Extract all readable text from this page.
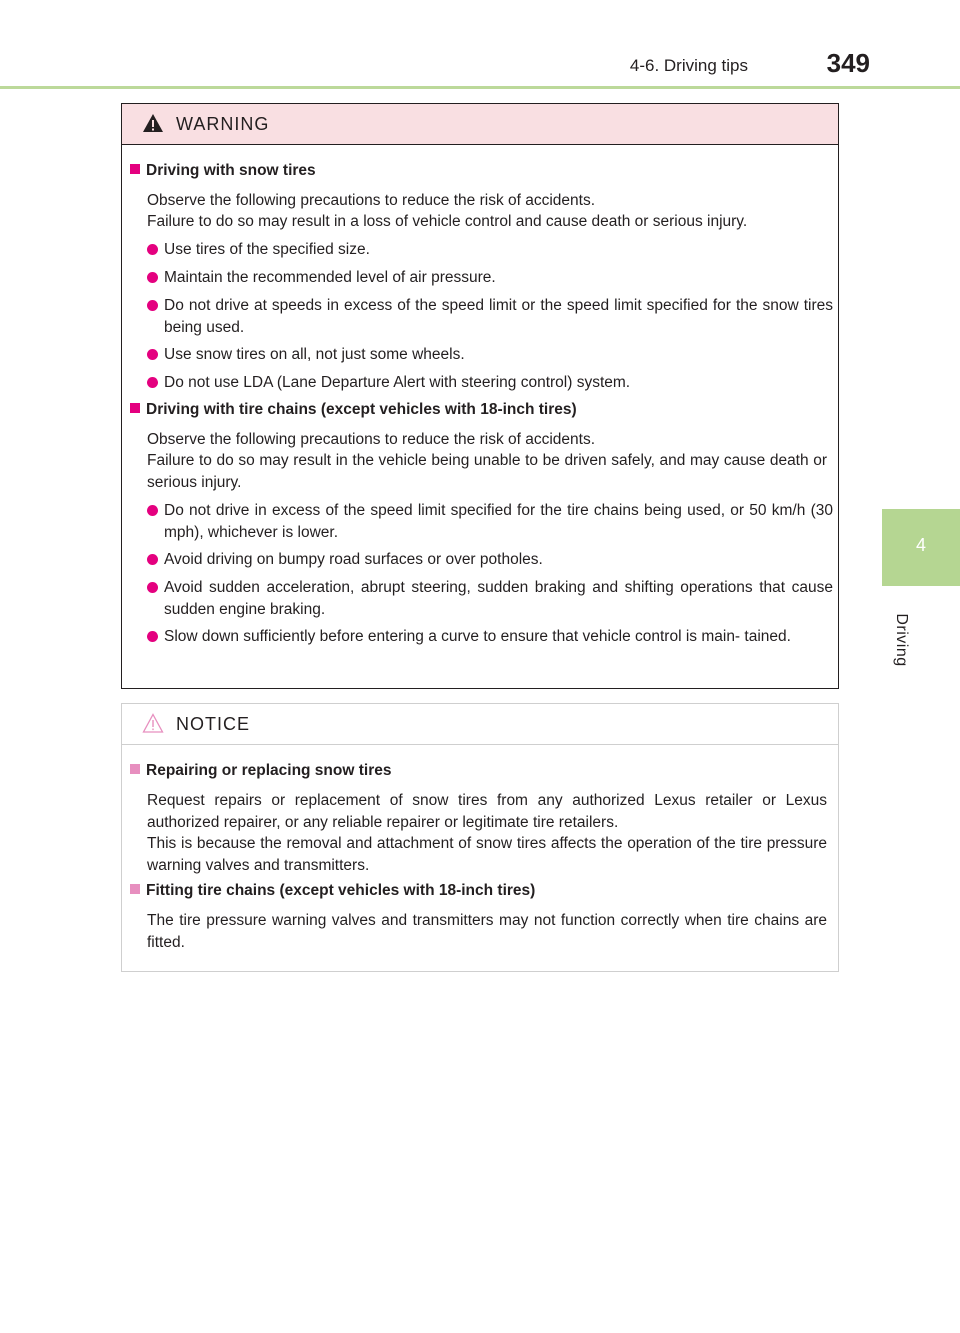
4-6. Driving tips	349
4
Driving
WARNING
Driving with snow tires
Observe the following precautions to reduce the risk of accidents.
Failure to do so may result in a loss of vehicle control and cause death or serious injury.
Use tires of the specified size.
Maintain the recommended level of air pressure.
Do not drive at speeds in excess of the speed limit or the speed limit specified for the snow tires being used.
Use snow tires on all, not just some wheels.
Do not use LDA (Lane Departure Alert with steering control) system.
Driving with tire chains (except vehicles with 18-inch tires)
Observe the following precautions to reduce the risk of accidents.
Failure to do so may result in the vehicle being unable to be driven safely, and may cause death or serious injury.
Do not drive in excess of the speed limit specified for the tire chains being used, or 50 km/h (30 mph), whichever is lower.
Avoid driving on bumpy road surfaces or over potholes.
Avoid sudden acceleration, abrupt steering, sudden braking and shifting operations that cause sudden engine braking.
Slow down sufficiently before entering a curve to ensure that vehicle control is main- tained.
NOTICE
Repairing or replacing snow tires
Request repairs or replacement of snow tires from any authorized Lexus retailer or Lexus authorized repairer, or any reliable repairer or legitimate tire retailers.
This is because the removal and attachment of snow tires affects the operation of the tire pressure warning valves and transmitters.
Fitting tire chains (except vehicles with 18-inch tires)
The tire pressure warning valves and transmitters may not function correctly when tire chains are fitted.
